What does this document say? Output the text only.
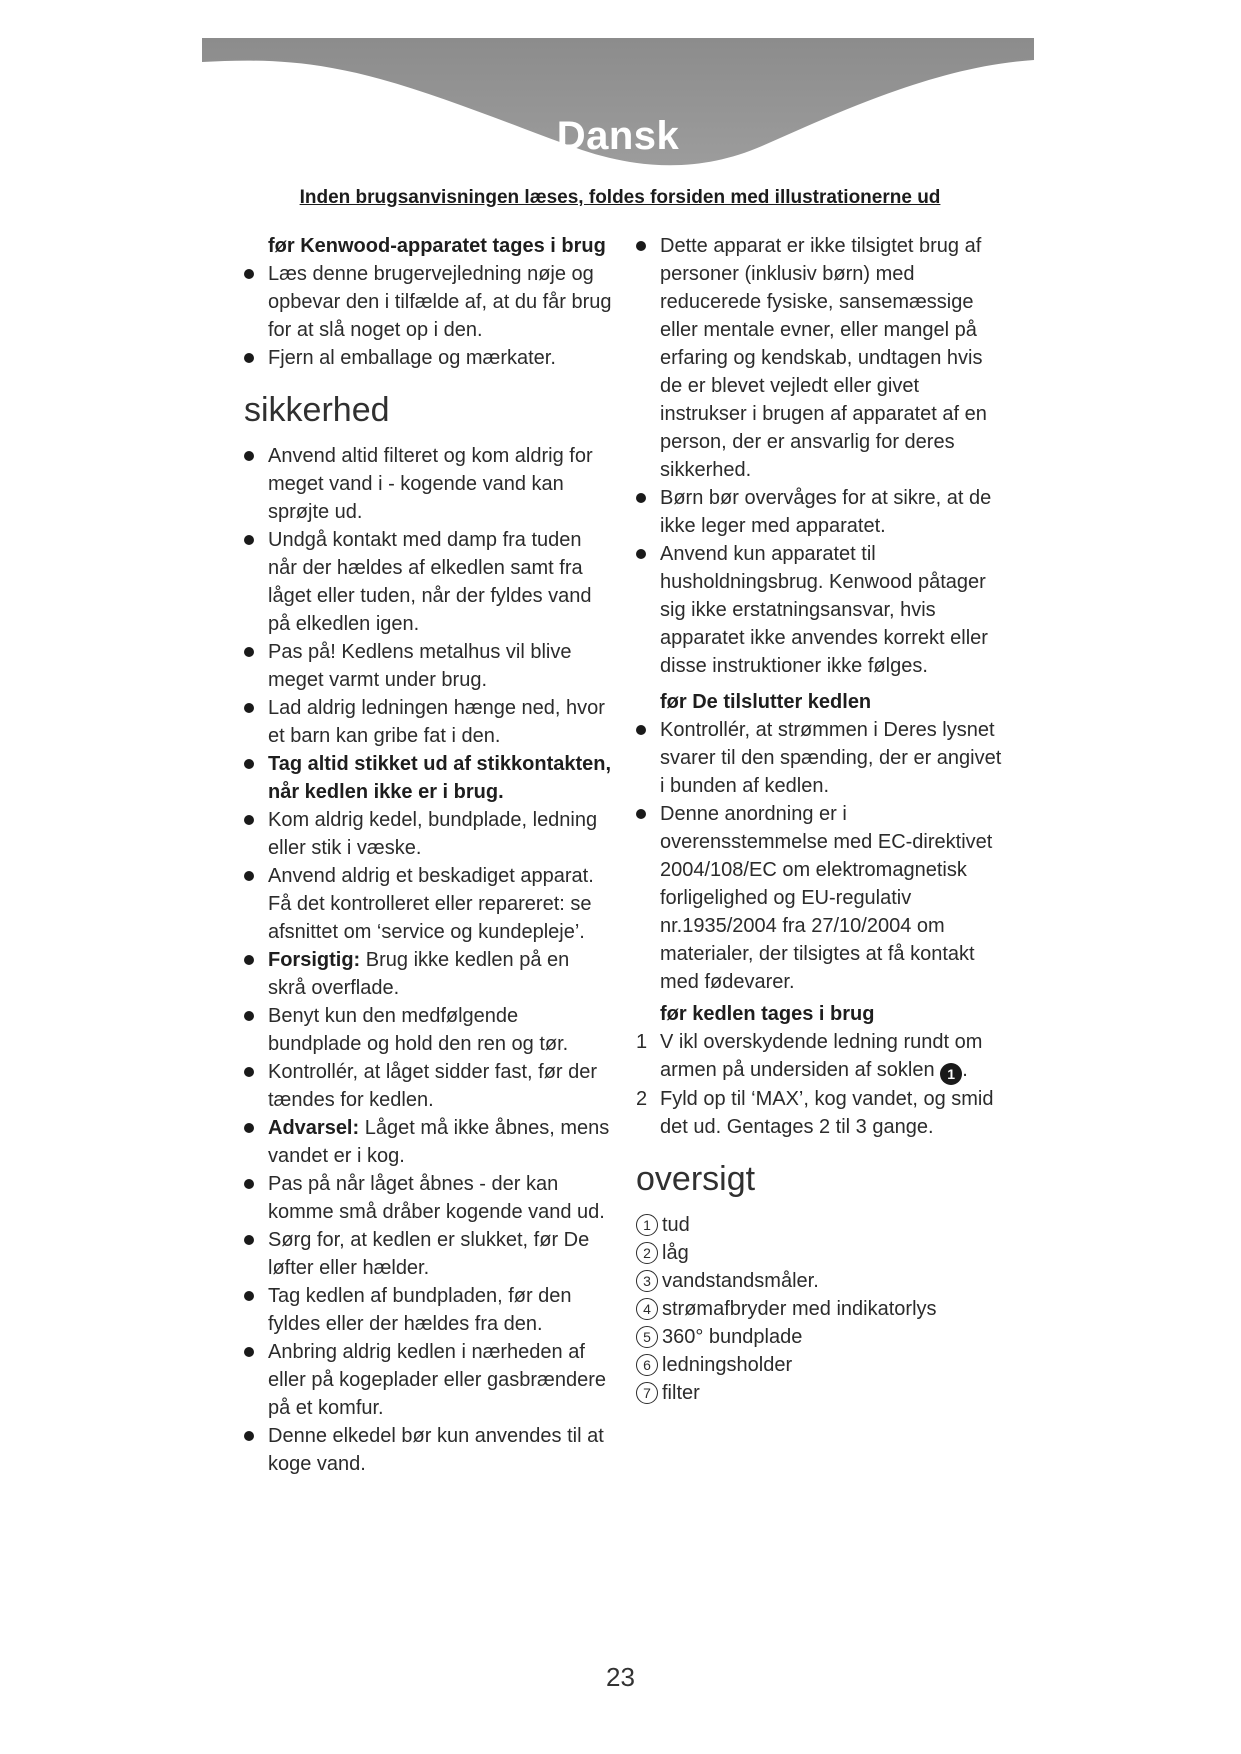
Dansk
Inden brugsanvisningen læses, foldes forsiden med illustrationerne ud
før Kenwood-apparatet tages i brug
Læs denne brugervejledning nøje og opbevar den i tilfælde af, at du får brug for at slå noget op i den.
Fjern al emballage og mærkater.
sikkerhed
Anvend altid filteret og kom aldrig for meget vand i - kogende vand kan sprøjte ud.
Undgå kontakt med damp fra tuden når der hældes af elkedlen samt fra låget eller tuden, når der fyldes vand på elkedlen igen.
Pas på! Kedlens metalhus vil blive meget varmt under brug.
Lad aldrig ledningen hænge ned, hvor et barn kan gribe fat i den.
Tag altid stikket ud af stikkontakten, når kedlen ikke er i brug.
Kom aldrig kedel, bundplade, ledning eller stik i væske.
Anvend aldrig et beskadiget apparat. Få det kontrolleret eller repareret: se afsnittet om ‘service og kundepleje’.
Forsigtig: Brug ikke kedlen på en skrå overflade.
Benyt kun den medfølgende bundplade og hold den ren og tør.
Kontrollér, at låget sidder fast, før der tændes for kedlen.
Advarsel: Låget må ikke åbnes, mens vandet er i kog.
Pas på når låget åbnes - der kan komme små dråber kogende vand ud.
Sørg for, at kedlen er slukket, før De løfter eller hælder.
Tag kedlen af bundpladen, før den fyldes eller der hældes fra den.
Anbring aldrig kedlen i nærheden af eller på kogeplader eller gasbrændere på et komfur.
Denne elkedel bør kun anvendes til at koge vand.
Dette apparat er ikke tilsigtet brug af personer (inklusiv børn) med reducerede fysiske, sansemæssige eller mentale evner, eller mangel på erfaring og kendskab, undtagen hvis de er blevet vejledt eller givet instrukser i brugen af apparatet af en person, der er ansvarlig for deres sikkerhed.
Børn bør overvåges for at sikre, at de ikke leger med apparatet.
Anvend kun apparatet til husholdningsbrug. Kenwood påtager sig ikke erstatningsansvar, hvis apparatet ikke anvendes korrekt eller disse instruktioner ikke følges.
før De tilslutter kedlen
Kontrollér, at strømmen i Deres lysnet svarer til den spænding, der er angivet i bunden af kedlen.
Denne anordning er i overensstemmelse med EC-direktivet 2004/108/EC om elektromagnetisk forligelighed og EU-regulativ nr.1935/2004 fra 27/10/2004 om materialer, der tilsigtes at få kontakt med fødevarer.
før kedlen tages i brug
1 V ikl overskydende ledning rundt om armen på undersiden af soklen 1 .
2 Fyld op til ‘MAX’, kog vandet, og smid det ud. Gentages 2 til 3 gange.
oversigt
1 tud
2 låg
3 vandstandsmåler.
4 strømafbryder med indikatorlys
5 360° bundplade
6 ledningsholder
7 filter
23
